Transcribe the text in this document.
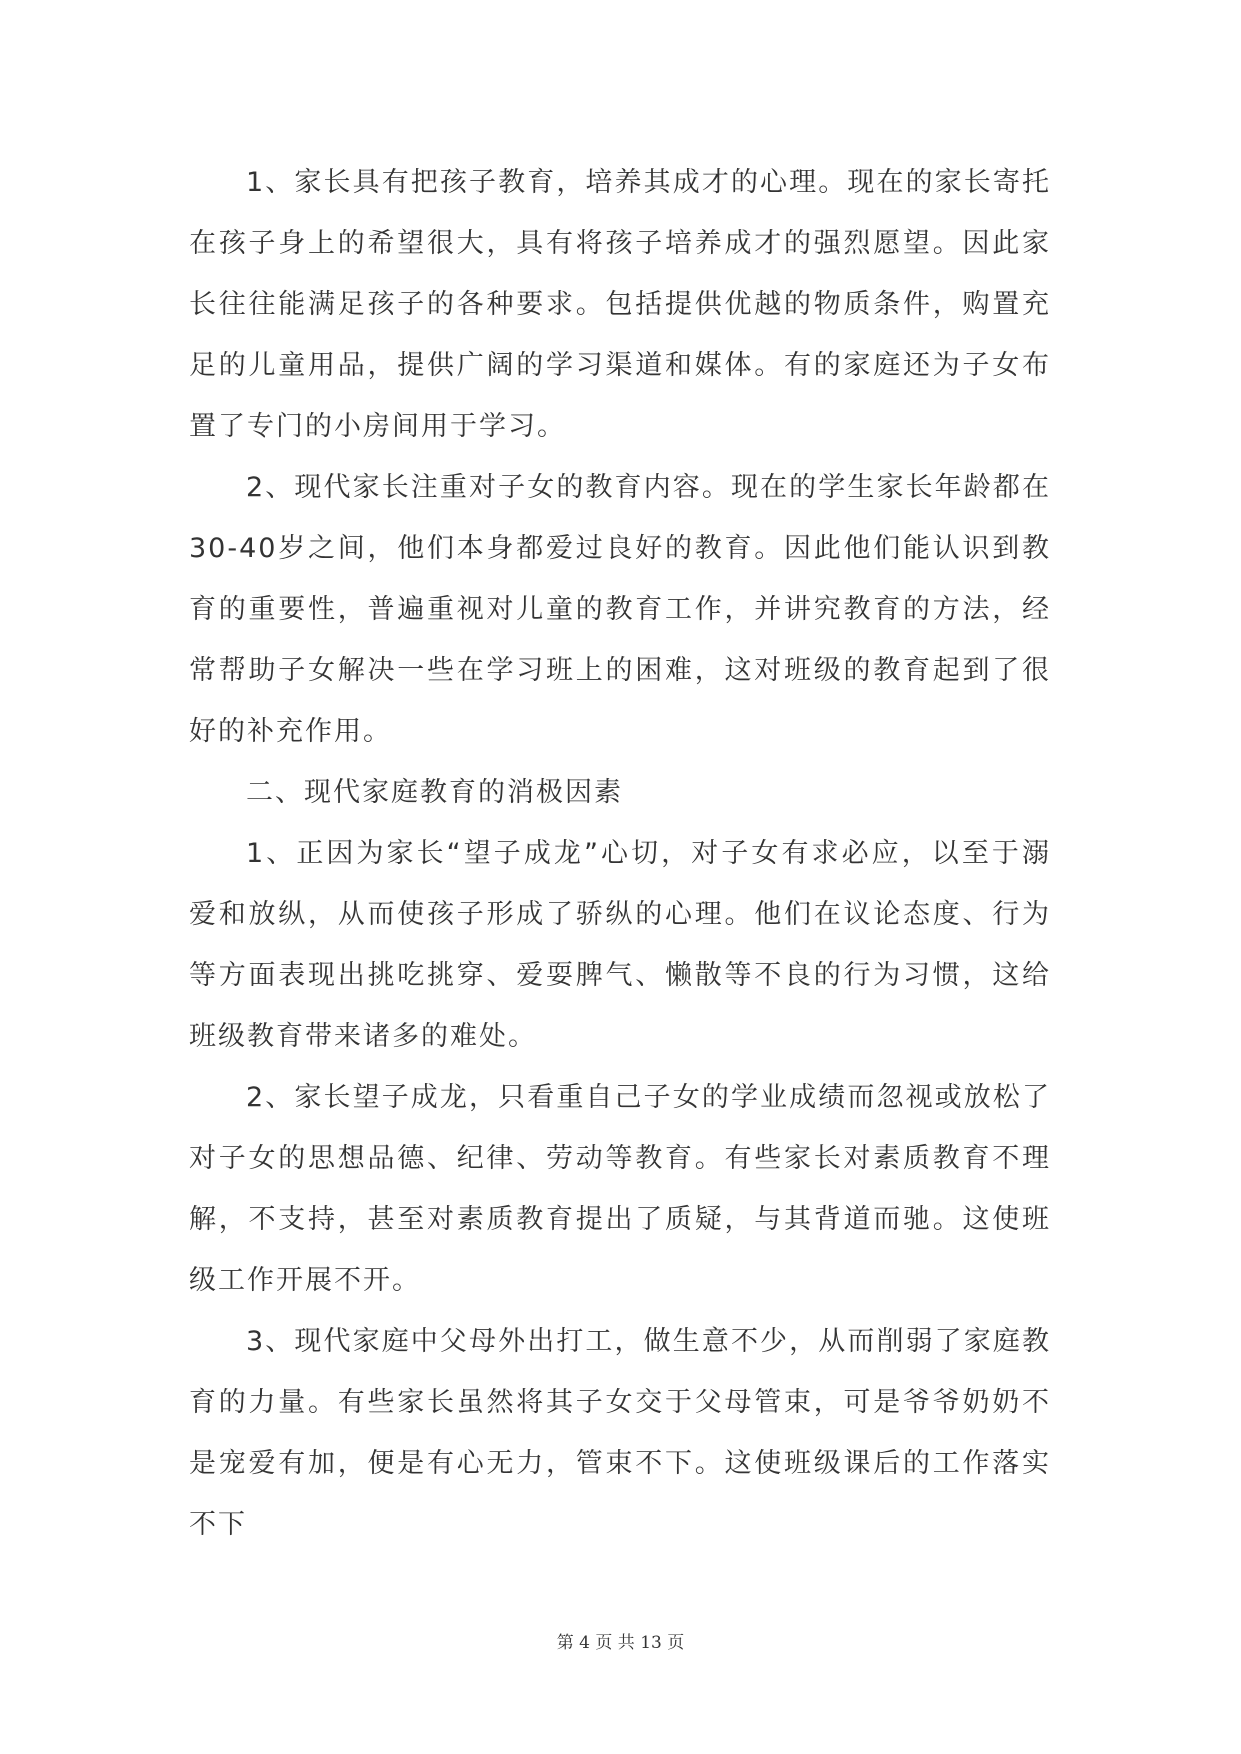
1、家长具有把孩子教育，培养其成才的心理。现在的家长寄托在孩子身上的希望很大，具有将孩子培养成才的强烈愿望。因此家长往往能满足孩子的各种要求。包括提供优越的物质条件，购置充足的儿童用品，提供广阔的学习渠道和媒体。有的家庭还为子女布置了专门的小房间用于学习。

2、现代家长注重对子女的教育内容。现在的学生家长年龄都在30-40岁之间，他们本身都爱过良好的教育。因此他们能认识到教育的重要性，普遍重视对儿童的教育工作，并讲究教育的方法，经常帮助子女解决一些在学习班上的困难，这对班级的教育起到了很好的补充作用。

二、现代家庭教育的消极因素

1、正因为家长“望子成龙”心切，对子女有求必应，以至于溺爱和放纵，从而使孩子形成了骄纵的心理。他们在议论态度、行为等方面表现出挑吃挑穿、爱耍脾气、懒散等不良的行为习惯，这给班级教育带来诸多的难处。

2、家长望子成龙，只看重自己子女的学业成绩而忽视或放松了对子女的思想品德、纪律、劳动等教育。有些家长对素质教育不理解，不支持，甚至对素质教育提出了质疑，与其背道而驰。这使班级工作开展不开。

3、现代家庭中父母外出打工，做生意不少，从而削弱了家庭教育的力量。有些家长虽然将其子女交于父母管束，可是爷爷奶奶不是宠爱有加，便是有心无力，管束不下。这使班级课后的工作落实不下

第 4 页 共 13 页
